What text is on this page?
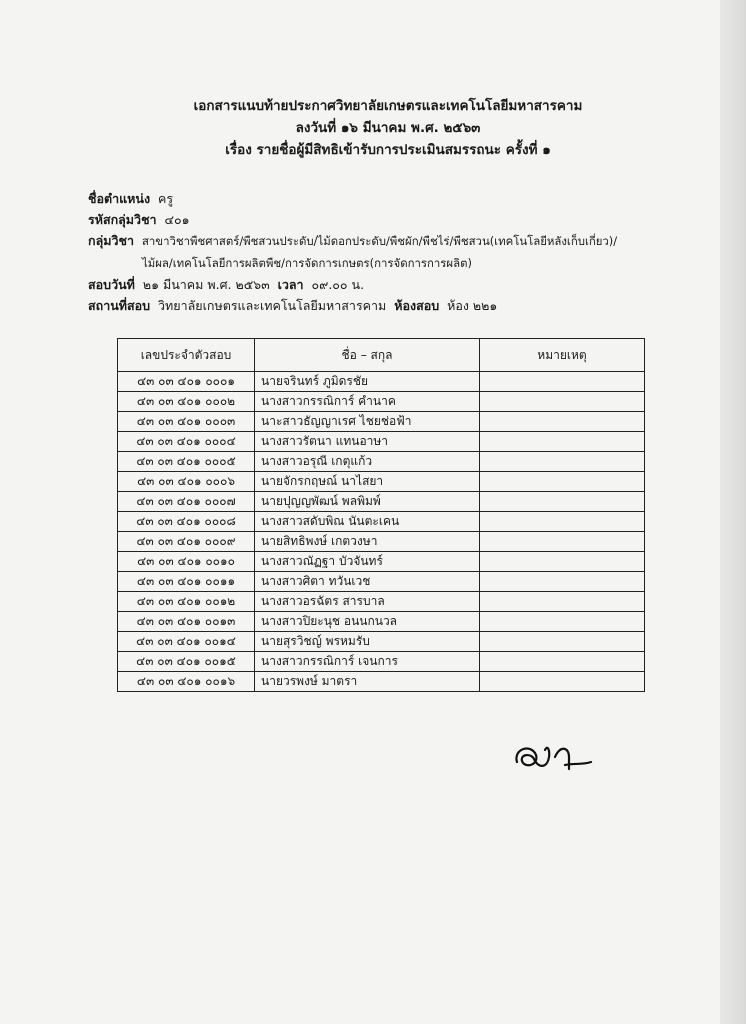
เอกสารแนบท้ายประกาศวิทยาลัยเกษตรและเทคโนโลยีมหาสารคาม
ลงวันที่ ๑๖ มีนาคม พ.ศ. ๒๕๖๓
เรื่อง รายชื่อผู้มีสิทธิเข้ารับการประเมินสมรรถนะ ครั้งที่ ๑
ชื่อตำแหน่ง ครู
รหัสกลุ่มวิชา ๔๐๑
กลุ่มวิชา สาขาวิชาพืชศาสตร์/พืชสวนประดับ/ไม้ดอกประดับ/พืชผัก/พืชไร่/พืชสวน(เทคโนโลยีหลังเก็บเกี่ยว)/
ไม้ผล/เทคโนโลยีการผลิตพืช/การจัดการเกษตร(การจัดการการผลิต)
สอบวันที่ ๒๑ มีนาคม พ.ศ. ๒๕๖๓ เวลา ๐๙.๐๐ น.
สถานที่สอบ วิทยาลัยเกษตรและเทคโนโลยีมหาสารคาม ห้องสอบ ห้อง ๒๒๑
เลขประจำตัวสอบ	ชื่อ – สกุล	หมายเหตุ
๔๓ ๐๓ ๔๐๑ ๐๐๐๑	นายจรินทร์ ภูมิดรชัย	
๔๓ ๐๓ ๔๐๑ ๐๐๐๒	นางสาวกรรณิการ์ คำนาค	
๔๓ ๐๓ ๔๐๑ ๐๐๐๓	นาะสาวธัญญาเรศ ไชยช่อฟ้า	
๔๓ ๐๓ ๔๐๑ ๐๐๐๔	นางสาวรัตนา แทนอาษา	
๔๓ ๐๓ ๔๐๑ ๐๐๐๕	นางสาวอรุณี เกตุแก้ว	
๔๓ ๐๓ ๔๐๑ ๐๐๐๖	นายจักรกฤษณ์ นาไสยา	
๔๓ ๐๓ ๔๐๑ ๐๐๐๗	นายปุญญพัฒน์ พลพิมพ์	
๔๓ ๐๓ ๔๐๑ ๐๐๐๘	นางสาวสดับพิณ นันตะเคน	
๔๓ ๐๓ ๔๐๑ ๐๐๐๙	นายสิทธิพงษ์ เกตวงษา	
๔๓ ๐๓ ๔๐๑ ๐๐๑๐	นางสาวณัฏฐา บัวจันทร์	
๔๓ ๐๓ ๔๐๑ ๐๐๑๑	นางสาวศิตา ทวันเวช	
๔๓ ๐๓ ๔๐๑ ๐๐๑๒	นางสาวอรฉัตร สารบาล	
๔๓ ๐๓ ๔๐๑ ๐๐๑๓	นางสาวปิยะนุช อนนกนวล	
๔๓ ๐๓ ๔๐๑ ๐๐๑๔	นายสุรวิชญ์ พรหมรับ	
๔๓ ๐๓ ๔๐๑ ๐๐๑๕	นางสาวกรรณิการ์ เจนการ	
๔๓ ๐๓ ๔๐๑ ๐๐๑๖	นายวรพงษ์ มาตรา	
